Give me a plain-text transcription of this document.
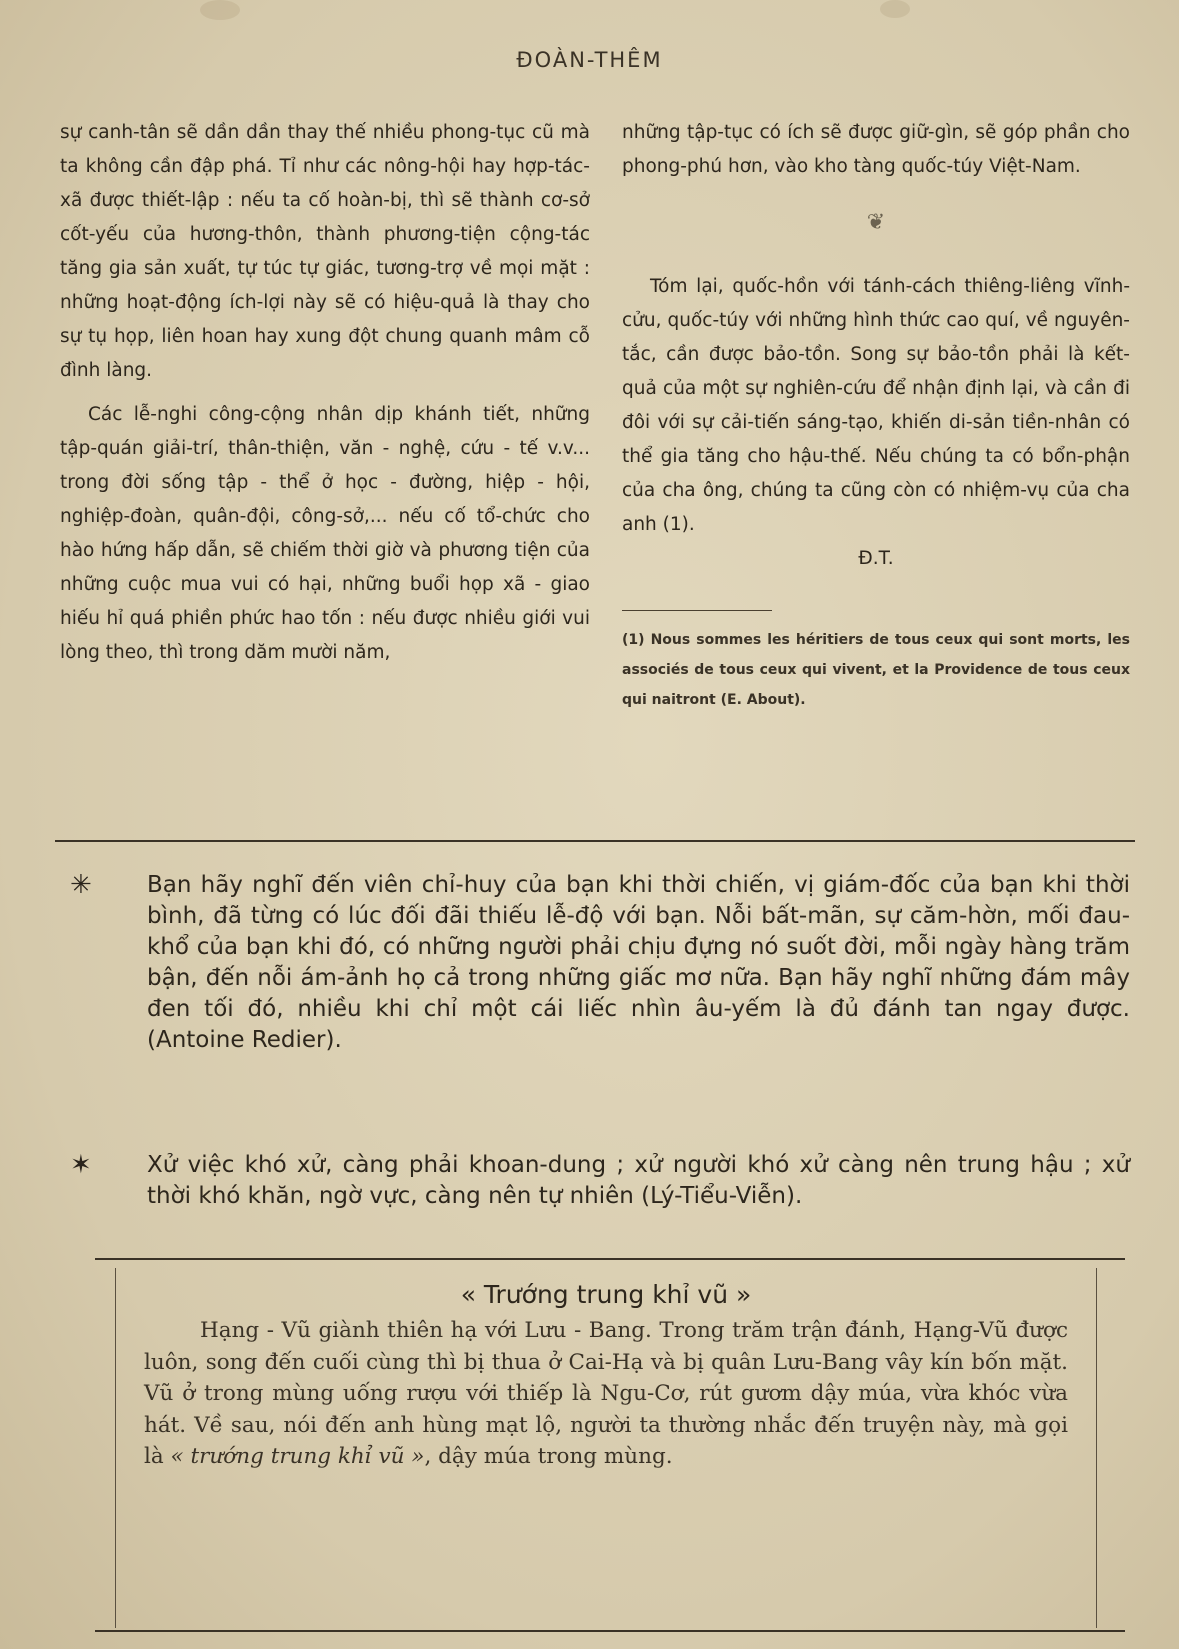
ĐOÀN-THÊM

sự canh-tân sẽ dần dần thay thế nhiều phong-tục cũ mà ta không cần đập phá. Tỉ như các nông-hội hay hợp-tác-xã được thiết-lập : nếu ta cố hoàn-bị, thì sẽ thành cơ-sở cốt-yếu của hương-thôn, thành phương-tiện cộng-tác tăng gia sản xuất, tự túc tự giác, tương-trợ về mọi mặt : những hoạt-động ích-lợi này sẽ có hiệu-quả là thay cho sự tụ họp, liên hoan hay xung đột chung quanh mâm cỗ đình làng.

Các lễ-nghi công-cộng nhân dịp khánh tiết, những tập-quán giải-trí, thân-thiện, văn - nghệ, cứu - tế v.v... trong đời sống tập - thể ở học - đường, hiệp - hội, nghiệp-đoàn, quân-đội, công-sở,... nếu cố tổ-chức cho hào hứng hấp dẫn, sẽ chiếm thời giờ và phương tiện của những cuộc mua vui có hại, những buổi họp xã - giao hiếu hỉ quá phiền phức hao tốn : nếu được nhiều giới vui lòng theo, thì trong dăm mười năm,

những tập-tục có ích sẽ được giữ-gìn, sẽ góp phần cho phong-phú hơn, vào kho tàng quốc-túy Việt-Nam.

❦

Tóm lại, quốc-hồn với tánh-cách thiêng-liêng vĩnh-cửu, quốc-túy với những hình thức cao quí, về nguyên-tắc, cần được bảo-tồn. Song sự bảo-tồn phải là kết-quả của một sự nghiên-cứu để nhận định lại, và cần đi đôi với sự cải-tiến sáng-tạo, khiến di-sản tiền-nhân có thể gia tăng cho hậu-thế. Nếu chúng ta có bổn-phận của cha ông, chúng ta cũng còn có nhiệm-vụ của cha anh (1).

Đ.T.
(1) Nous sommes les héritiers de tous ceux qui sont morts, les associés de tous ceux qui vivent, et la Providence de tous ceux qui naitront (E. About).
✳	Bạn hãy nghĩ đến viên chỉ-huy của bạn khi thời chiến, vị giám-đốc của bạn khi thời bình, đã từng có lúc đối đãi thiếu lễ-độ với bạn. Nỗi bất-mãn, sự căm-hờn, mối đau-khổ của bạn khi đó, có những người phải chịu đựng nó suốt đời, mỗi ngày hàng trăm bận, đến nỗi ám-ảnh họ cả trong những giấc mơ nữa. Bạn hãy nghĩ những đám mây đen tối đó, nhiều khi chỉ một cái liếc nhìn âu-yếm là đủ đánh tan ngay được. (Antoine Redier).
✶	Xử việc khó xử, càng phải khoan-dung ; xử người khó xử càng nên trung hậu ; xử thời khó khăn, ngờ vực, càng nên tự nhiên (Lý-Tiểu-Viễn).
« Trướng trung khỉ vũ »
Hạng - Vũ giành thiên hạ với Lưu - Bang. Trong trăm trận đánh, Hạng-Vũ được luôn, song đến cuối cùng thì bị thua ở Cai-Hạ và bị quân Lưu-Bang vây kín bốn mặt. Vũ ở trong mùng uống rượu với thiếp là Ngu-Cơ, rút gươm dậy múa, vừa khóc vừa hát. Về sau, nói đến anh hùng mạt lộ, người ta thường nhắc đến truyện này, mà gọi là « trướng trung khỉ vũ », dậy múa trong mùng.
